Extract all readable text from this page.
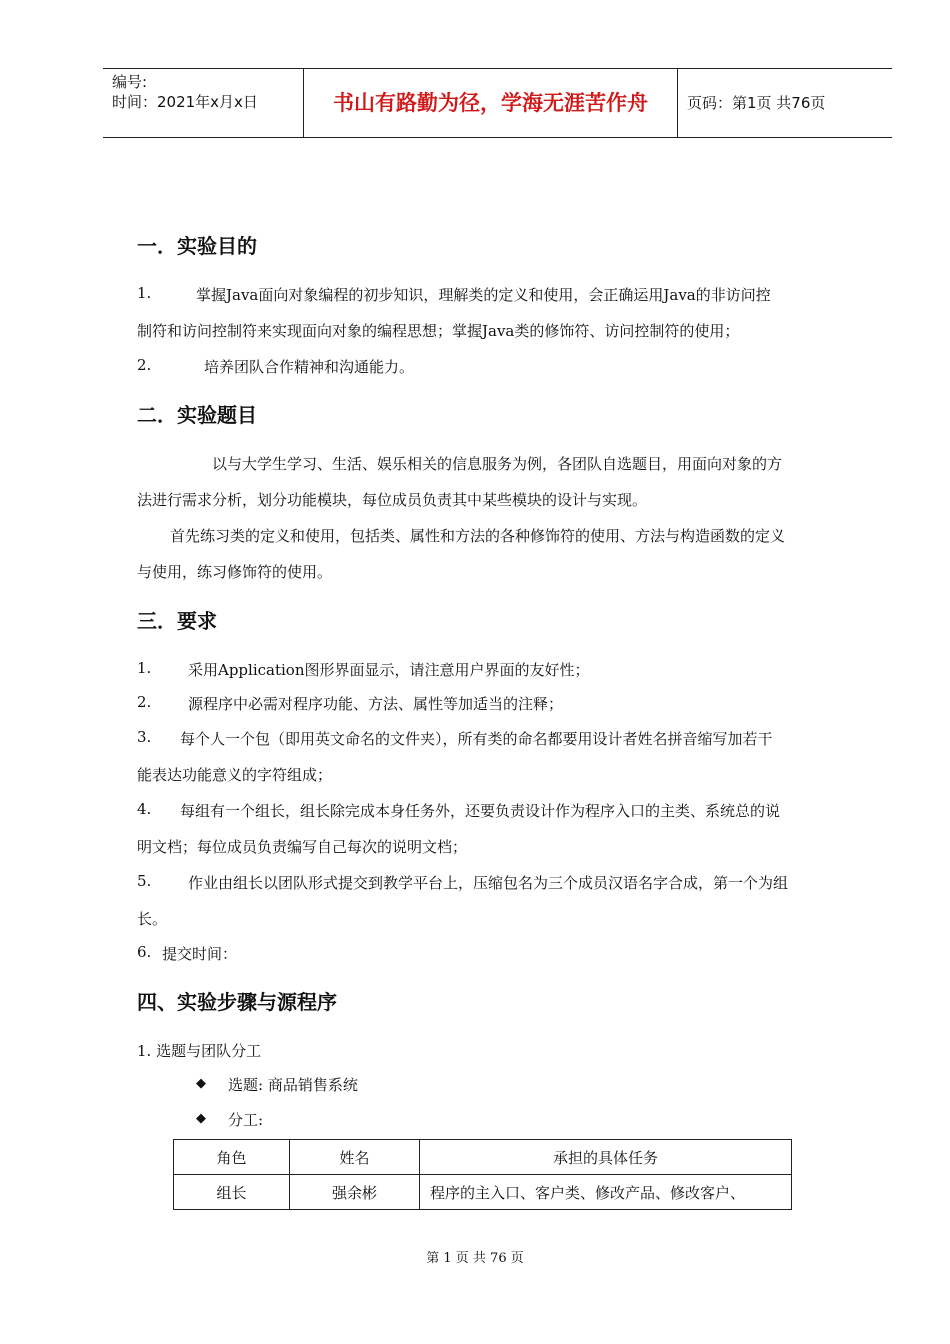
编号:
时间：2021年x月x日	书山有路勤为径，学海无涯苦作舟	页码：第1页 共76页
一．实验目的
1.	掌握Java面向对象编程的初步知识，理解类的定义和使用，会正确运用Java的非访问控
制符和访问控制符来实现面向对象的编程思想；掌握Java类的修饰符、访问控制符的使用；
2.	培养团队合作精神和沟通能力。
二．实验题目
以与大学生学习、生活、娱乐相关的信息服务为例，各团队自选题目，用面向对象的方
法进行需求分析，划分功能模块，每位成员负责其中某些模块的设计与实现。
首先练习类的定义和使用，包括类、属性和方法的各种修饰符的使用、方法与构造函数的定义
与使用，练习修饰符的使用。
三．要求
1. 采用Application图形界面显示，请注意用户界面的友好性；
2. 源程序中必需对程序功能、方法、属性等加适当的注释；
3. 每个人一个包（即用英文命名的文件夹），所有类的命名都要用设计者姓名拼音缩写加若干
能表达功能意义的字符组成；
4. 每组有一个组长，组长除完成本身任务外，还要负责设计作为程序入口的主类、系统总的说
明文档；每位成员负责编写自己每次的说明文档；
5. 作业由组长以团队形式提交到教学平台上，压缩包名为三个成员汉语名字合成，第一个为组
长。
6. 提交时间：
四、实验步骤与源程序
1. 选题与团队分工
◆ 选题: 商品销售系统
◆ 分工:
角色	姓名	承担的具体任务
组长	强余彬	程序的主入口、客户类、修改产品、修改客户、
第 1 页 共 76 页
